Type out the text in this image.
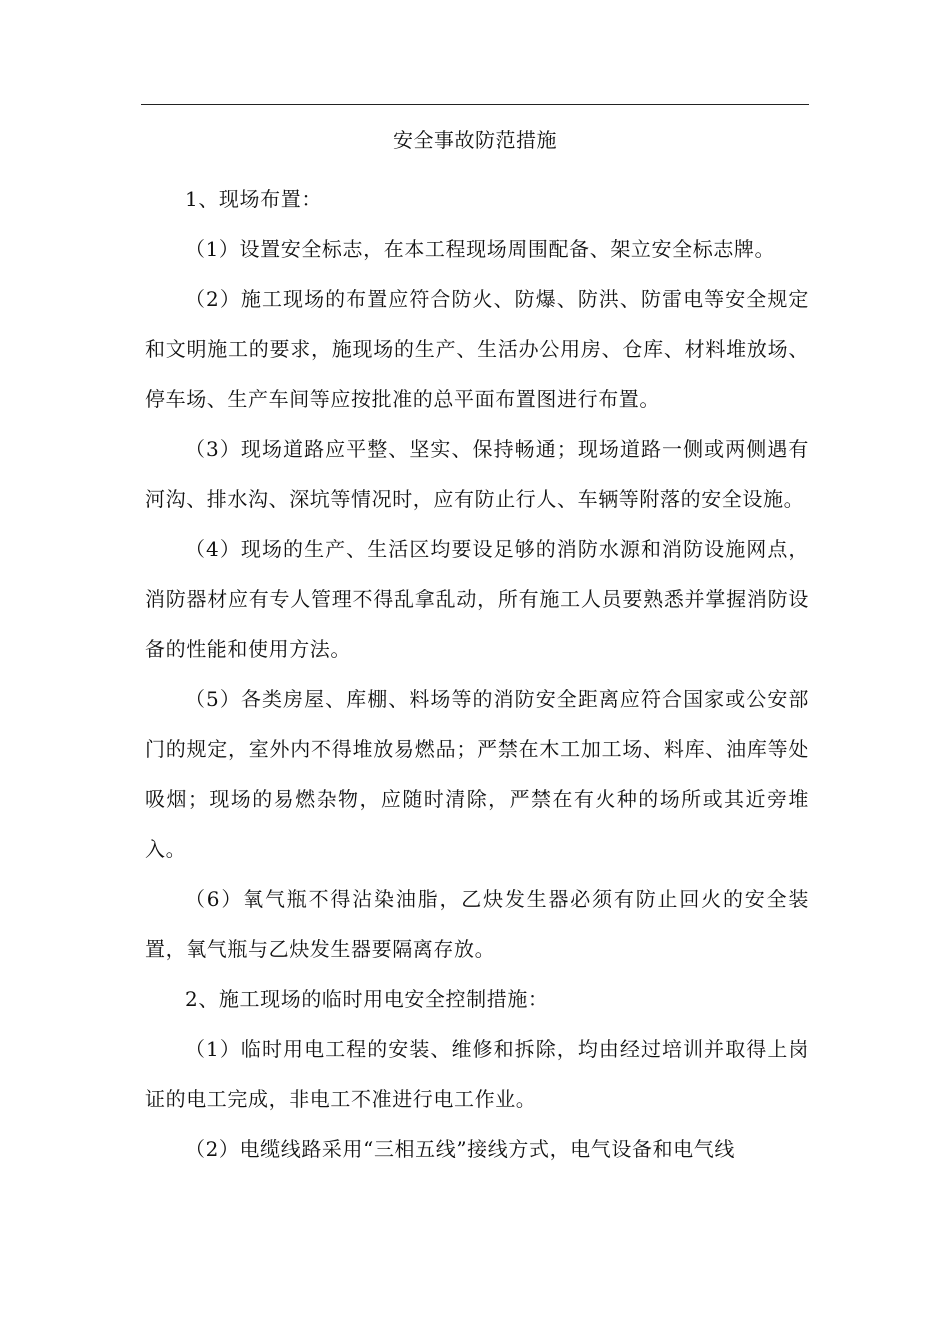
安全事故防范措施

1、现场布置：

（1）设置安全标志，在本工程现场周围配备、架立安全标志牌。

（2）施工现场的布置应符合防火、防爆、防洪、防雷电等安全规定和文明施工的要求，施现场的生产、生活办公用房、仓库、材料堆放场、停车场、生产车间等应按批准的总平面布置图进行布置。

（3）现场道路应平整、坚实、保持畅通；现场道路一侧或两侧遇有河沟、排水沟、深坑等情况时，应有防止行人、车辆等附落的安全设施。

（4）现场的生产、生活区均要设足够的消防水源和消防设施网点，消防器材应有专人管理不得乱拿乱动，所有施工人员要熟悉并掌握消防设备的性能和使用方法。

（5）各类房屋、库棚、料场等的消防安全距离应符合国家或公安部门的规定，室外内不得堆放易燃品；严禁在木工加工场、料库、油库等处吸烟；现场的易燃杂物，应随时清除，严禁在有火种的场所或其近旁堆入。

（6）氧气瓶不得沾染油脂，乙炔发生器必须有防止回火的安全装置，氧气瓶与乙炔发生器要隔离存放。

2、施工现场的临时用电安全控制措施：

（1）临时用电工程的安装、维修和拆除，均由经过培训并取得上岗证的电工完成，非电工不准进行电工作业。

（2）电缆线路采用“三相五线”接线方式，电气设备和电气线
